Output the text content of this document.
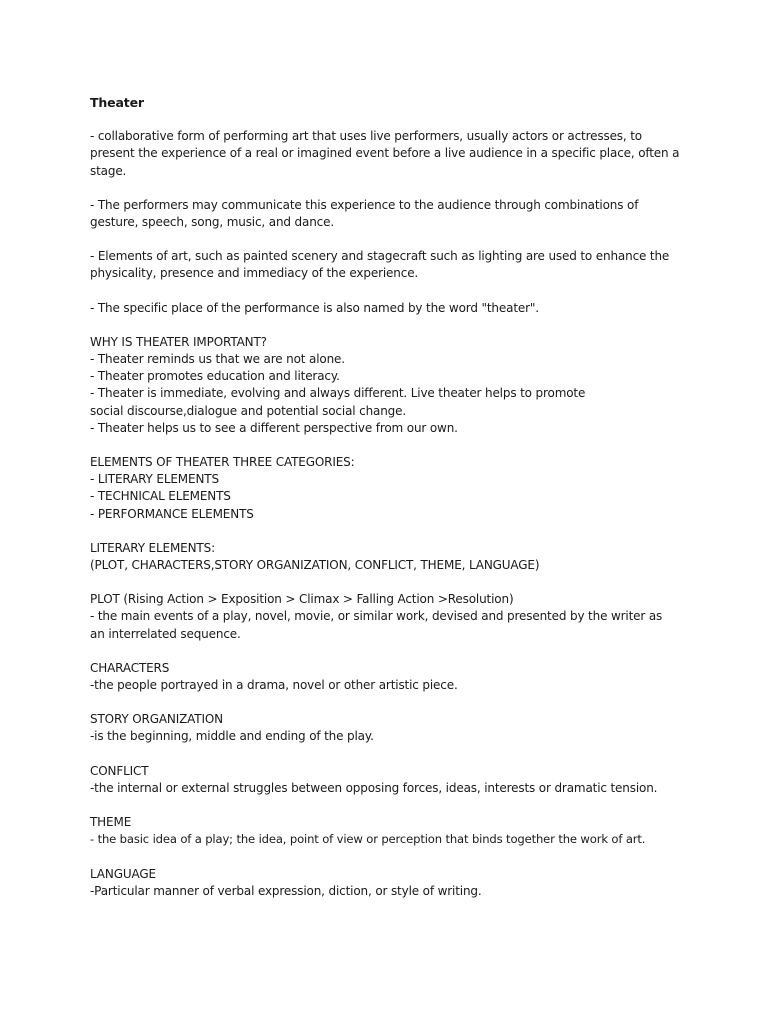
Theater
- collaborative form of performing art that uses live performers, usually actors or actresses, to present the experience of a real or imagined event before a live audience in a specific place, often a stage.
- The performers may communicate this experience to the audience through combinations of gesture, speech, song, music, and dance.
- Elements of art, such as painted scenery and stagecraft such as lighting are used to enhance the physicality, presence and immediacy of the experience.
- The specific place of the performance is also named by the word "theater".
WHY IS THEATER IMPORTANT?
- Theater reminds us that we are not alone.
- Theater promotes education and literacy.
- Theater is immediate, evolving and always different. Live theater helps to promote social discourse,dialogue and potential social change.
- Theater helps us to see a different perspective from our own.
ELEMENTS OF THEATER THREE CATEGORIES:
- LITERARY ELEMENTS
- TECHNICAL ELEMENTS
- PERFORMANCE ELEMENTS
LITERARY ELEMENTS:
(PLOT, CHARACTERS,STORY ORGANIZATION, CONFLICT, THEME, LANGUAGE)
PLOT (Rising Action > Exposition > Climax > Falling Action >Resolution)
- the main events of a play, novel, movie, or similar work, devised and presented by the writer as an interrelated sequence.
CHARACTERS
-the people portrayed in a drama, novel or other artistic piece.
STORY ORGANIZATION
-is the beginning, middle and ending of the play.
CONFLICT
-the internal or external struggles between opposing forces, ideas, interests or dramatic tension.
THEME
- the basic idea of a play; the idea, point of view or perception that binds together the work of art.
LANGUAGE
-Particular manner of verbal expression, diction, or style of writing.
